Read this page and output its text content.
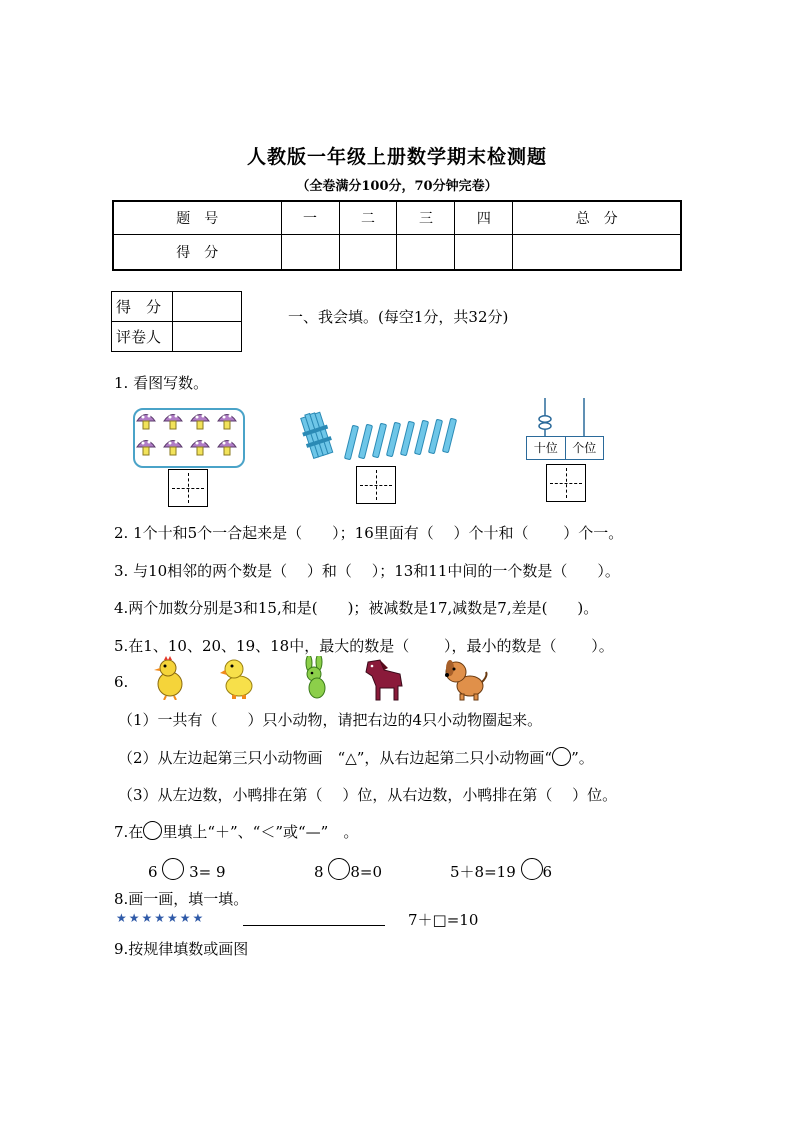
人教版一年级上册数学期末检测题
（全卷满分100分，70分钟完卷）
题　号	一	二	三	四	总　分
得　分					
得　分	
评卷人	
一、我会填。(每空1分，共32分)
1. 看图写数。
十位	个位
2. 1个十和5个一合起来是（　　）；16里面有（　 ）个十和（　　 ）个一。
3. 与10相邻的两个数是（　 ）和（　 ）；13和11中间的一个数是（　　）。
4.两个加数分别是3和15,和是(　　)；被减数是17,减数是7,差是(　　)。
5.在1、10、20、19、18中，最大的数是（　　 ），最小的数是（　　 ）。
6.
（1）一共有（　　）只小动物，请把右边的4只小动物圈起来。
（2）从左边起第三只小动物画　“△”，从右边起第二只小动物画“ ”。
（3）从左边数，小鸭排在第（　 ）位，从右边数，小鸭排在第（　 ）位。
7.在 里填上“＋”、“＜”或“—”　。
6 3= 9	8 8=0	5＋8=19 6
8.画一画，填一填。
★★★★★★★	7＋□=10
9.按规律填数或画图
